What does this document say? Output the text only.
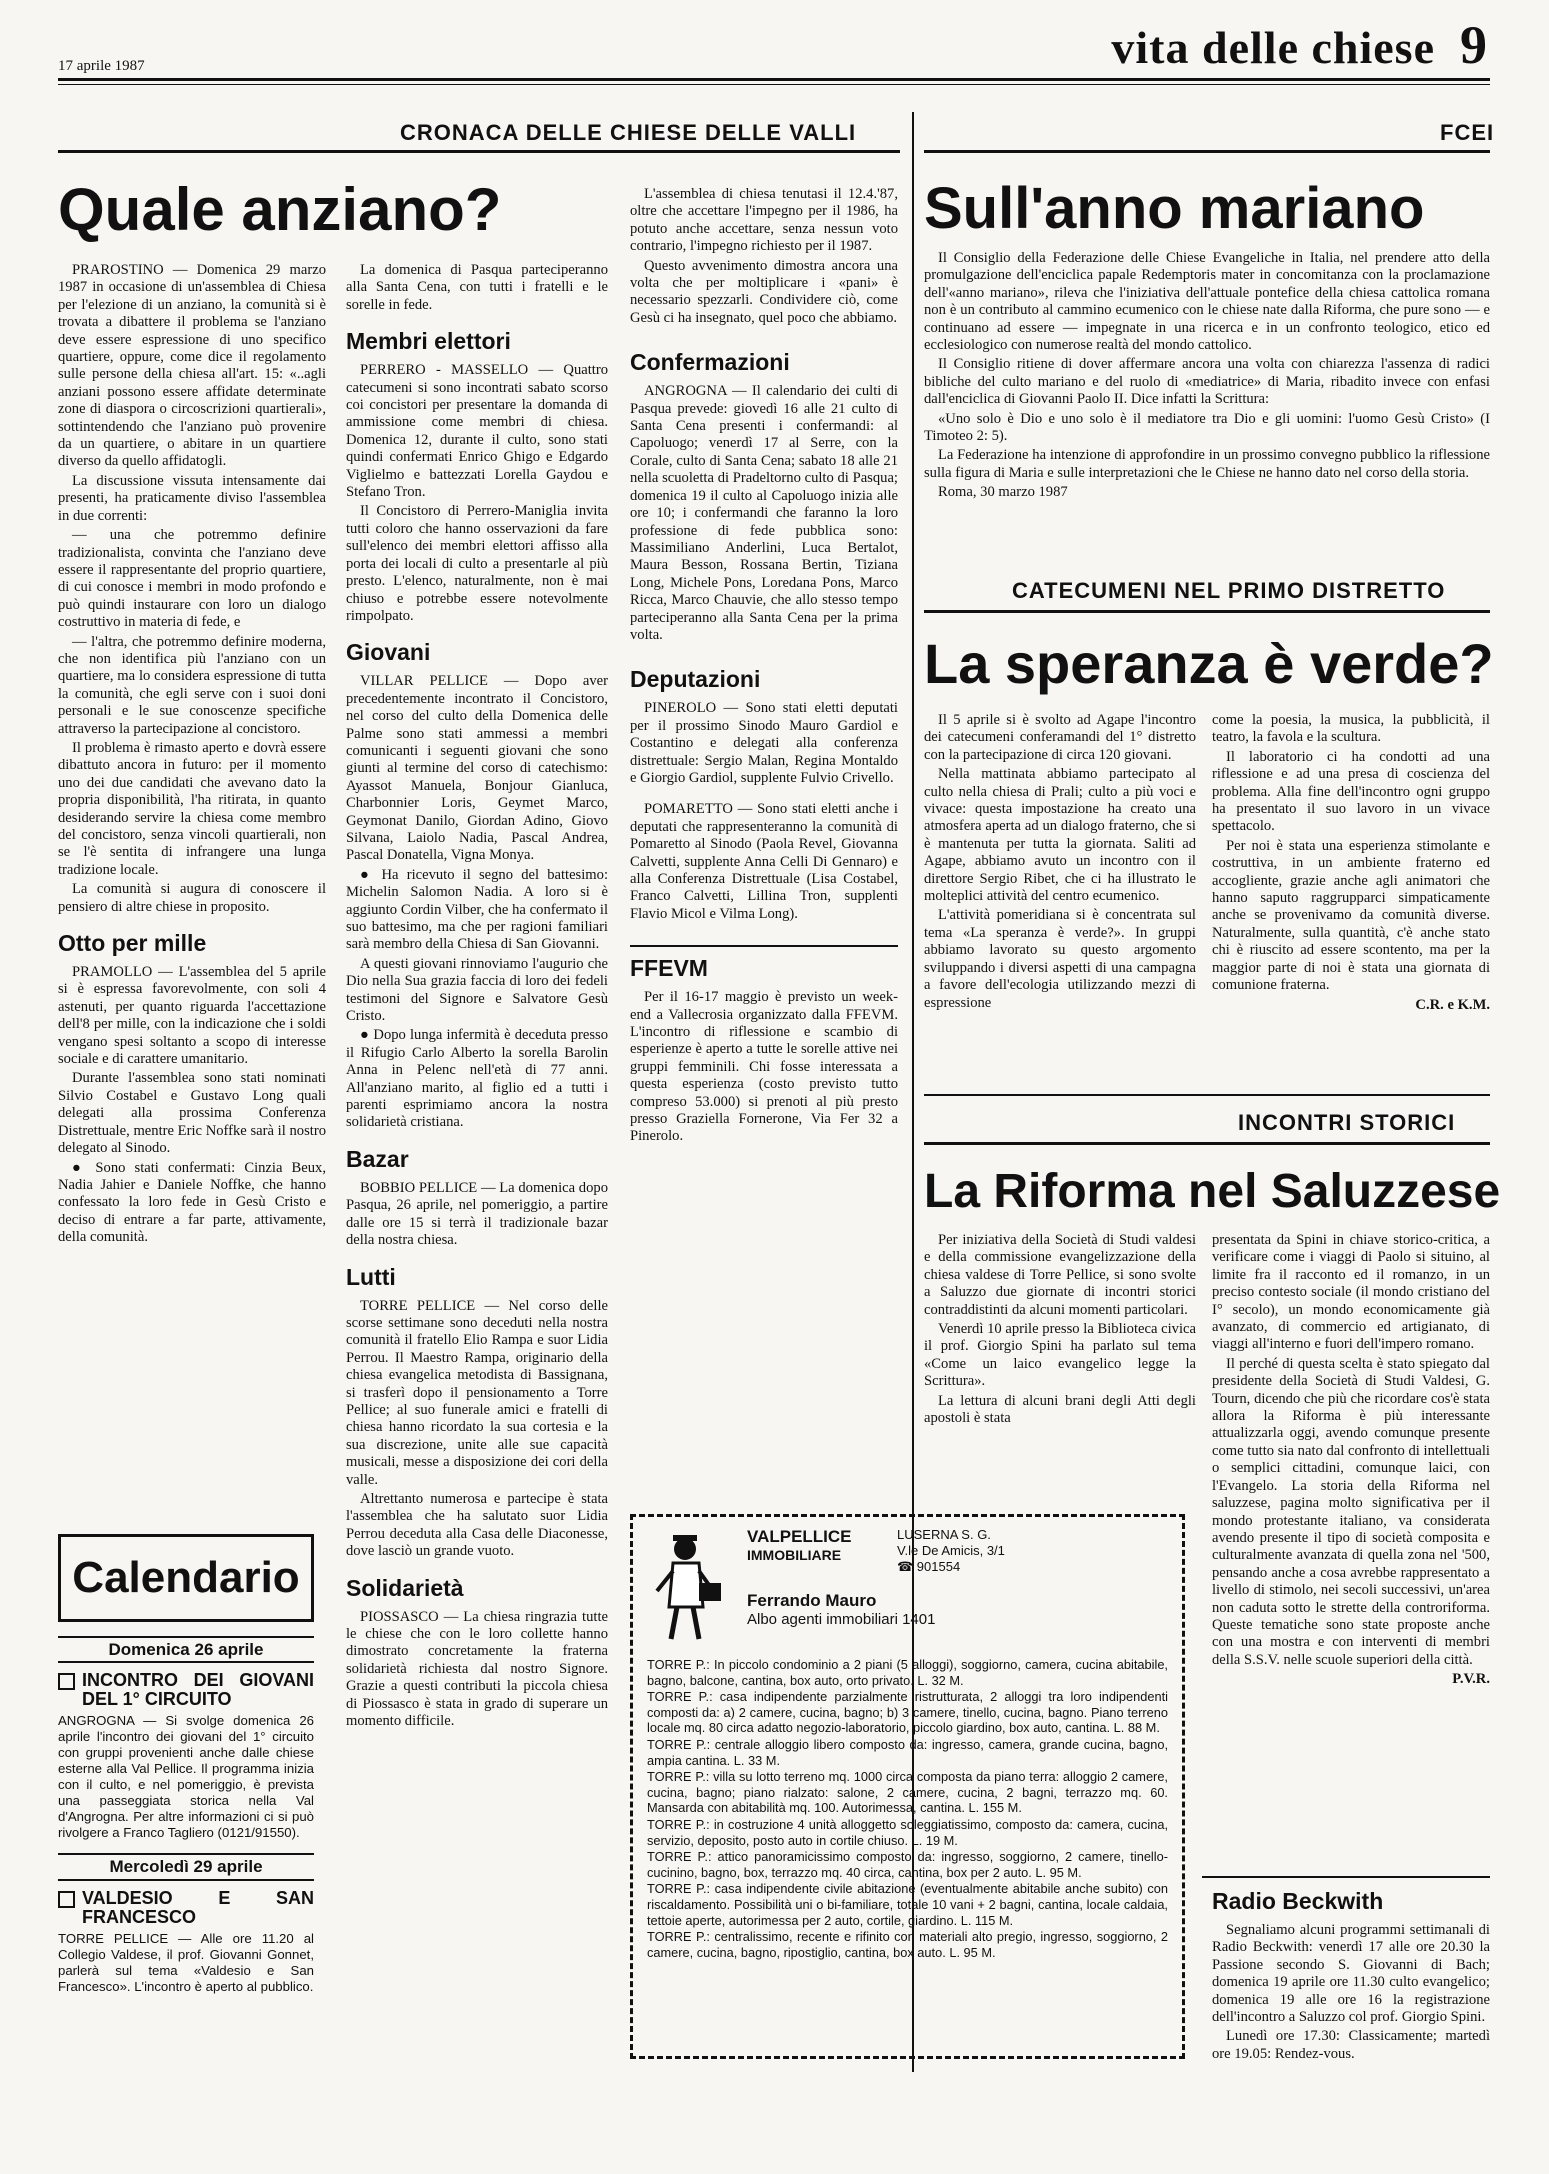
17 aprile 1987	vita delle chiese 9
CRONACA DELLE CHIESE DELLE VALLI	FCEI
Quale anziano?

PRAROSTINO — Domenica 29 marzo 1987 in occasione di un'assemblea di Chiesa per l'elezione di un anziano, la comunità si è trovata a dibattere il problema se l'anziano deve essere espressione di uno specifico quartiere, oppure, come dice il regolamento sulle persone della chiesa all'art. 15: «..agli anziani possono essere affidate determinate zone di diaspora o circoscrizioni quartierali», sottintendendo che l'anziano può provenire da un quartiere, o abitare in un quartiere diverso da quello affidatogli.

La discussione vissuta intensamente dai presenti, ha praticamente diviso l'assemblea in due correnti:

— una che potremmo definire tradizionalista, convinta che l'anziano deve essere il rappresentante del proprio quartiere, di cui conosce i membri in modo profondo e può quindi instaurare con loro un dialogo costruttivo in materia di fede, e

— l'altra, che potremmo definire moderna, che non identifica più l'anziano con un quartiere, ma lo considera espressione di tutta la comunità, che egli serve con i suoi doni personali e le sue conoscenze specifiche attraverso la partecipazione al concistoro.

Il problema è rimasto aperto e dovrà essere dibattuto ancora in futuro: per il momento uno dei due candidati che avevano dato la propria disponibilità, l'ha ritirata, in quanto desiderando servire la chiesa come membro del concistoro, senza vincoli quartierali, non se l'è sentita di infrangere una lunga tradizione locale.

La comunità si augura di conoscere il pensiero di altre chiese in proposito.

Otto per mille

PRAMOLLO — L'assemblea del 5 aprile si è espressa favorevolmente, con soli 4 astenuti, per quanto riguarda l'accettazione dell'8 per mille, con la indicazione che i soldi vengano spesi soltanto a scopo di interesse sociale e di carattere umanitario.

Durante l'assemblea sono stati nominati Silvio Costabel e Gustavo Long quali delegati alla prossima Conferenza Distrettuale, mentre Eric Noffke sarà il nostro delegato al Sinodo.

● Sono stati confermati: Cinzia Beux, Nadia Jahier e Daniele Noffke, che hanno confessato la loro fede in Gesù Cristo e deciso di entrare a far parte, attivamente, della comunità.

Calendario
Domenica 26 aprile
INCONTRO DEI GIOVANI DEL 1° CIRCUITO
ANGROGNA — Si svolge domenica 26 aprile l'incontro dei giovani del 1° circuito con gruppi provenienti anche dalle chiese esterne alla Val Pellice. Il programma inizia con il culto, e nel pomeriggio, è prevista una passeggiata storica nella Val d'Angrogna. Per altre informazioni ci si può rivolgere a Franco Tagliero (0121/91550).
Mercoledì 29 aprile
VALDESIO E SAN FRANCESCO
TORRE PELLICE — Alle ore 11.20 al Collegio Valdese, il prof. Giovanni Gonnet, parlerà sul tema «Valdesio e San Francesco». L'incontro è aperto al pubblico.

La domenica di Pasqua parteciperanno alla Santa Cena, con tutti i fratelli e le sorelle in fede.

Membri elettori

PERRERO - MASSELLO — Quattro catecumeni si sono incontrati sabato scorso coi concistori per presentare la domanda di ammissione come membri di chiesa. Domenica 12, durante il culto, sono stati quindi confermati Enrico Ghigo e Edgardo Viglielmo e battezzati Lorella Gaydou e Stefano Tron.

Il Concistoro di Perrero-Maniglia invita tutti coloro che hanno osservazioni da fare sull'elenco dei membri elettori affisso alla porta dei locali di culto a presentarle al più presto. L'elenco, naturalmente, non è mai chiuso e potrebbe essere notevolmente rimpolpato.

Giovani

VILLAR PELLICE — Dopo aver precedentemente incontrato il Concistoro, nel corso del culto della Domenica delle Palme sono stati ammessi a membri comunicanti i seguenti giovani che sono giunti al termine del corso di catechismo: Ayassot Manuela, Bonjour Gianluca, Charbonnier Loris, Geymet Marco, Geymonat Danilo, Giordan Adino, Giovo Silvana, Laiolo Nadia, Pascal Andrea, Pascal Donatella, Vigna Monya.

● Ha ricevuto il segno del battesimo: Michelin Salomon Nadia. A loro si è aggiunto Cordin Vilber, che ha confermato il suo battesimo, ma che per ragioni familiari sarà membro della Chiesa di San Giovanni.

A questi giovani rinnoviamo l'augurio che Dio nella Sua grazia faccia di loro dei fedeli testimoni del Signore e Salvatore Gesù Cristo.

● Dopo lunga infermità è deceduta presso il Rifugio Carlo Alberto la sorella Barolin Anna in Pelenc nell'età di 77 anni. All'anziano marito, al figlio ed a tutti i parenti esprimiamo ancora la nostra solidarietà cristiana.

Bazar

BOBBIO PELLICE — La domenica dopo Pasqua, 26 aprile, nel pomeriggio, a partire dalle ore 15 si terrà il tradizionale bazar della nostra chiesa.

Lutti

TORRE PELLICE — Nel corso delle scorse settimane sono deceduti nella nostra comunità il fratello Elio Rampa e suor Lidia Perrou. Il Maestro Rampa, originario della chiesa evangelica metodista di Bassignana, si trasferì dopo il pensionamento a Torre Pellice; al suo funerale amici e fratelli di chiesa hanno ricordato la sua cortesia e la sua discrezione, unite alle sue capacità musicali, messe a disposizione dei cori della valle.

Altrettanto numerosa e partecipe è stata l'assemblea che ha salutato suor Lidia Perrou deceduta alla Casa delle Diaconesse, dove lasciò un grande vuoto.

Solidarietà

PIOSSASCO — La chiesa ringrazia tutte le chiese che con le loro collette hanno dimostrato concretamente la fraterna solidarietà richiesta dal nostro Signore. Grazie a questi contributi la piccola chiesa di Piossasco è stata in grado di superare un momento difficile.

L'assemblea di chiesa tenutasi il 12.4.'87, oltre che accettare l'impegno per il 1986, ha potuto anche accettare, senza nessun voto contrario, l'impegno richiesto per il 1987.

Questo avvenimento dimostra ancora una volta che per moltiplicare i «pani» è necessario spezzarli. Condividere ciò, come Gesù ci ha insegnato, quel poco che abbiamo.

Confermazioni

ANGROGNA — Il calendario dei culti di Pasqua prevede: giovedì 16 alle 21 culto di Santa Cena presenti i confermandi: al Capoluogo; venerdì 17 al Serre, con la Corale, culto di Santa Cena; sabato 18 alle 21 nella scuoletta di Pradeltorno culto di Pasqua; domenica 19 il culto al Capoluogo inizia alle ore 10; i confermandi che faranno la loro professione di fede pubblica sono: Massimiliano Anderlini, Luca Bertalot, Maura Besson, Rossana Bertin, Tiziana Long, Michele Pons, Loredana Pons, Marco Ricca, Marco Chauvie, che allo stesso tempo parteciperanno alla Santa Cena per la prima volta.

Deputazioni

PINEROLO — Sono stati eletti deputati per il prossimo Sinodo Mauro Gardiol e Costantino e delegati alla conferenza distrettuale: Sergio Malan, Regina Montaldo e Giorgio Gardiol, supplente Fulvio Crivello.

POMARETTO — Sono stati eletti anche i deputati che rappresenteranno la comunità di Pomaretto al Sinodo (Paola Revel, Giovanna Calvetti, supplente Anna Celli Di Gennaro) e alla Conferenza Distrettuale (Lisa Costabel, Franco Calvetti, Lillina Tron, supplenti Flavio Micol e Vilma Long).

FFEVM

Per il 16-17 maggio è previsto un week-end a Vallecrosia organizzato dalla FFEVM. L'incontro di riflessione e scambio di esperienze è aperto a tutte le sorelle attive nei gruppi femminili. Chi fosse interessata a questa esperienza (costo previsto tutto compreso 53.000) si prenoti al più presto presso Graziella Fornerone, Via Fer 32 a Pinerolo.

VALPELLICE
IMMOBILIARE
LUSERNA S. G.
V.le De Amicis, 3/1
☎ 901554
Ferrando Mauro
Albo agenti immobiliari 1401

TORRE P.: In piccolo condominio a 2 piani (5 alloggi), soggiorno, camera, cucina abitabile, bagno, balcone, cantina, box auto, orto privato. L. 32 M.

TORRE P.: casa indipendente parzialmente ristrutturata, 2 alloggi tra loro indipendenti composti da: a) 2 camere, cucina, bagno; b) 3 camere, tinello, cucina, bagno. Piano terreno locale mq. 80 circa adatto negozio-laboratorio, piccolo giardino, box auto, cantina. L. 88 M.

TORRE P.: centrale alloggio libero composto da: ingresso, camera, grande cucina, bagno, ampia cantina. L. 33 M.

TORRE P.: villa su lotto terreno mq. 1000 circa composta da piano terra: alloggio 2 camere, cucina, bagno; piano rialzato: salone, 2 camere, cucina, 2 bagni, terrazzo mq. 60. Mansarda con abitabilità mq. 100. Autorimessa, cantina. L. 155 M.

TORRE P.: in costruzione 4 unità alloggetto soleggiatissimo, composto da: camera, cucina, servizio, deposito, posto auto in cortile chiuso. L. 19 M.

TORRE P.: attico panoramicissimo composto da: ingresso, soggiorno, 2 camere, tinello-cucinino, bagno, box, terrazzo mq. 40 circa, cantina, box per 2 auto. L. 95 M.

TORRE P.: casa indipendente civile abitazione (eventualmente abitabile anche subito) con riscaldamento. Possibilità uni o bi-familiare, totale 10 vani + 2 bagni, cantina, locale caldaia, tettoie aperte, autorimessa per 2 auto, cortile, giardino. L. 115 M.

TORRE P.: centralissimo, recente e rifinito con materiali alto pregio, ingresso, soggiorno, 2 camere, cucina, bagno, ripostiglio, cantina, box auto. L. 95 M.

Sull'anno mariano

Il Consiglio della Federazione delle Chiese Evangeliche in Italia, nel prendere atto della promulgazione dell'enciclica papale Redemptoris mater in concomitanza con la proclamazione dell'«anno mariano», rileva che l'iniziativa dell'attuale pontefice della chiesa cattolica romana non è un contributo al cammino ecumenico con le chiese nate dalla Riforma, che pure sono — e continuano ad essere — impegnate in una ricerca e in un confronto teologico, etico ed ecclesiologico con numerose realtà del mondo cattolico.

Il Consiglio ritiene di dover affermare ancora una volta con chiarezza l'assenza di radici bibliche del culto mariano e del ruolo di «mediatrice» di Maria, ribadito invece con enfasi dall'enciclica di Giovanni Paolo II. Dice infatti la Scrittura:

«Uno solo è Dio e uno solo è il mediatore tra Dio e gli uomini: l'uomo Gesù Cristo» (I Timoteo 2: 5).

La Federazione ha intenzione di approfondire in un prossimo convegno pubblico la riflessione sulla figura di Maria e sulle interpretazioni che le Chiese ne hanno dato nel corso della storia.

Roma, 30 marzo 1987

CATECUMENI NEL PRIMO DISTRETTO
La speranza è verde?

Il 5 aprile si è svolto ad Agape l'incontro dei catecumeni conferamandi del 1° distretto con la partecipazione di circa 120 giovani.

Nella mattinata abbiamo partecipato al culto nella chiesa di Prali; culto a più voci e vivace: questa impostazione ha creato una atmosfera aperta ad un dialogo fraterno, che si è mantenuta per tutta la giornata. Saliti ad Agape, abbiamo avuto un incontro con il direttore Sergio Ribet, che ci ha illustrato le molteplici attività del centro ecumenico.

L'attività pomeridiana si è concentrata sul tema «La speranza è verde?». In gruppi abbiamo lavorato su questo argomento sviluppando i diversi aspetti di una campagna a favore dell'ecologia utilizzando mezzi di espressione

come la poesia, la musica, la pubblicità, il teatro, la favola e la scultura.

Il laboratorio ci ha condotti ad una riflessione e ad una presa di coscienza del problema. Alla fine dell'incontro ogni gruppo ha presentato il suo lavoro in un vivace spettacolo.

Per noi è stata una esperienza stimolante e costruttiva, in un ambiente fraterno ed accogliente, grazie anche agli animatori che hanno saputo raggrupparci simpaticamente anche se provenivamo da comunità diverse. Naturalmente, sulla quantità, c'è anche stato chi è riuscito ad essere scontento, ma per la maggior parte di noi è stata una giornata di comunione fraterna.

C.R. e K.M.
INCONTRI STORICI
La Riforma nel Saluzzese

Per iniziativa della Società di Studi valdesi e della commissione evangelizzazione della chiesa valdese di Torre Pellice, si sono svolte a Saluzzo due giornate di incontri storici contraddistinti da alcuni momenti particolari.

Venerdì 10 aprile presso la Biblioteca civica il prof. Giorgio Spini ha parlato sul tema «Come un laico evangelico legge la Scrittura».

La lettura di alcuni brani degli Atti degli apostoli è stata

presentata da Spini in chiave storico-critica, a verificare come i viaggi di Paolo si situino, al limite fra il racconto ed il romanzo, in un preciso contesto sociale (il mondo cristiano del I° secolo), un mondo economicamente già avanzato, di commercio ed artigianato, di viaggi all'interno e fuori dell'impero romano.

Il perché di questa scelta è stato spiegato dal presidente della Società di Studi Valdesi, G. Tourn, dicendo che più che ricordare cos'è stata allora la Riforma è più interessante attualizzarla oggi, avendo comunque presente come tutto sia nato dal confronto di intellettuali o semplici cittadini, comunque laici, con l'Evangelo. La storia della Riforma nel saluzzese, pagina molto significativa per il mondo protestante italiano, va considerata avendo presente il tipo di società composita e culturalmente avanzata di quella zona nel '500, pensando anche a cosa avrebbe rappresentato a livello di stimolo, nei secoli successivi, un'area non caduta sotto le strette della controriforma. Queste tematiche sono state proposte anche con una mostra e con interventi di membri della S.S.V. nelle scuole superiori della città.

P.V.R.
Radio Beckwith

Segnaliamo alcuni programmi settimanali di Radio Beckwith: venerdì 17 alle ore 20.30 la Passione secondo S. Giovanni di Bach; domenica 19 aprile ore 11.30 culto evangelico; domenica 19 alle ore 16 la registrazione dell'incontro a Saluzzo col prof. Giorgio Spini.

Lunedì ore 17.30: Classicamente; martedì ore 19.05: Rendez-vous.
